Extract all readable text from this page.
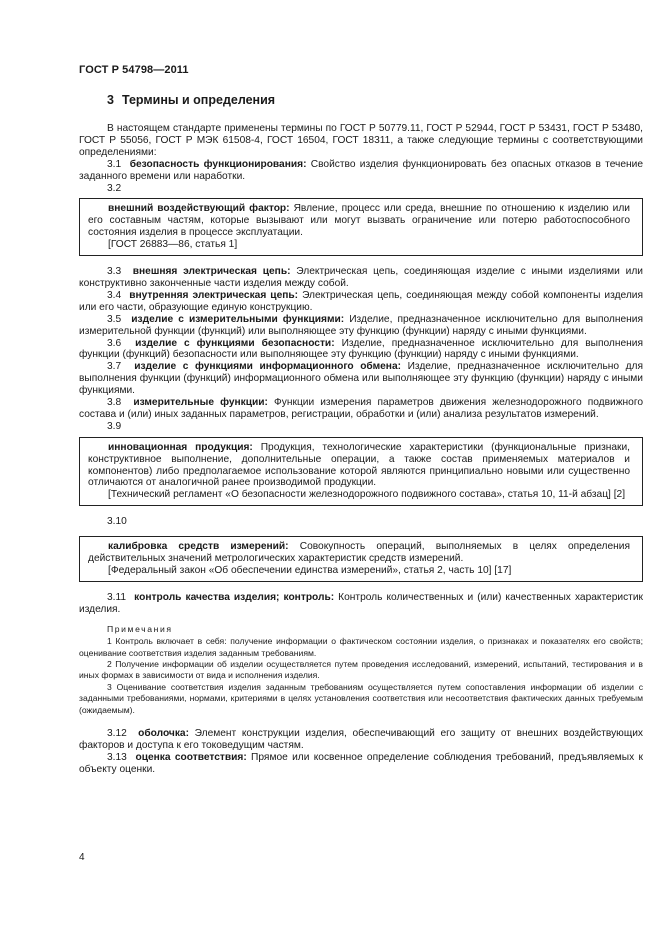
ГОСТ Р 54798—2011
3 Термины и определения

В настоящем стандарте применены термины по ГОСТ Р 50779.11, ГОСТ Р 52944, ГОСТ Р 53431, ГОСТ Р 53480, ГОСТ Р 55056, ГОСТ Р МЭК 61508-4, ГОСТ 16504, ГОСТ 18311, а также следующие термины с соответствующими определениями:

3.1 безопасность функционирования: Свойство изделия функционировать без опасных отказов в течение заданного времени или наработки.

3.2

внешний воздействующий фактор: Явление, процесс или среда, внешние по отношению к изделию или его составным частям, которые вызывают или могут вызвать ограничение или потерю работоспособного состояния изделия в процессе эксплуатации.

[ГОСТ 26883—86, статья 1]

3.3 внешняя электрическая цепь: Электрическая цепь, соединяющая изделие с иными изделиями или конструктивно законченные части изделия между собой.

3.4 внутренняя электрическая цепь: Электрическая цепь, соединяющая между собой компоненты изделия или его части, образующие единую конструкцию.

3.5 изделие с измерительными функциями: Изделие, предназначенное исключительно для выполнения измерительной функции (функций) или выполняющее эту функцию (функции) наряду с иными функциями.

3.6 изделие с функциями безопасности: Изделие, предназначенное исключительно для выполнения функции (функций) безопасности или выполняющее эту функцию (функции) наряду с иными функциями.

3.7 изделие с функциями информационного обмена: Изделие, предназначенное исключительно для выполнения функции (функций) информационного обмена или выполняющее эту функцию (функции) наряду с иными функциями.

3.8 измерительные функции: Функции измерения параметров движения железнодорожного подвижного состава и (или) иных заданных параметров, регистрации, обработки и (или) анализа результатов измерений.

3.9

инновационная продукция: Продукция, технологические характеристики (функциональные признаки, конструктивное выполнение, дополнительные операции, а также состав применяемых материалов и компонентов) либо предполагаемое использование которой являются принципиально новыми или существенно отличаются от аналогичной ранее производимой продукции.

[Технический регламент «О безопасности железнодорожного подвижного состава», статья 10, 11-й абзац] [2]

3.10

калибровка средств измерений: Совокупность операций, выполняемых в целях определения действительных значений метрологических характеристик средств измерений.

[Федеральный закон «Об обеспечении единства измерений», статья 2, часть 10] [17]

3.11 контроль качества изделия; контроль: Контроль количественных и (или) качественных характеристик изделия.

Примечания

1 Контроль включает в себя: получение информации о фактическом состоянии изделия, о признаках и показателях его свойств; оценивание соответствия изделия заданным требованиям.

2 Получение информации об изделии осуществляется путем проведения исследований, измерений, испытаний, тестирования и в иных формах в зависимости от вида и исполнения изделия.

3 Оценивание соответствия изделия заданным требованиям осуществляется путем сопоставления информации об изделии с заданными требованиями, нормами, критериями в целях установления соответствия или несоответствия фактических данных требуемым (ожидаемым).

3.12 оболочка: Элемент конструкции изделия, обеспечивающий его защиту от внешних воздействующих факторов и доступа к его токоведущим частям.

3.13 оценка соответствия: Прямое или косвенное определение соблюдения требований, предъявляемых к объекту оценки.

4
